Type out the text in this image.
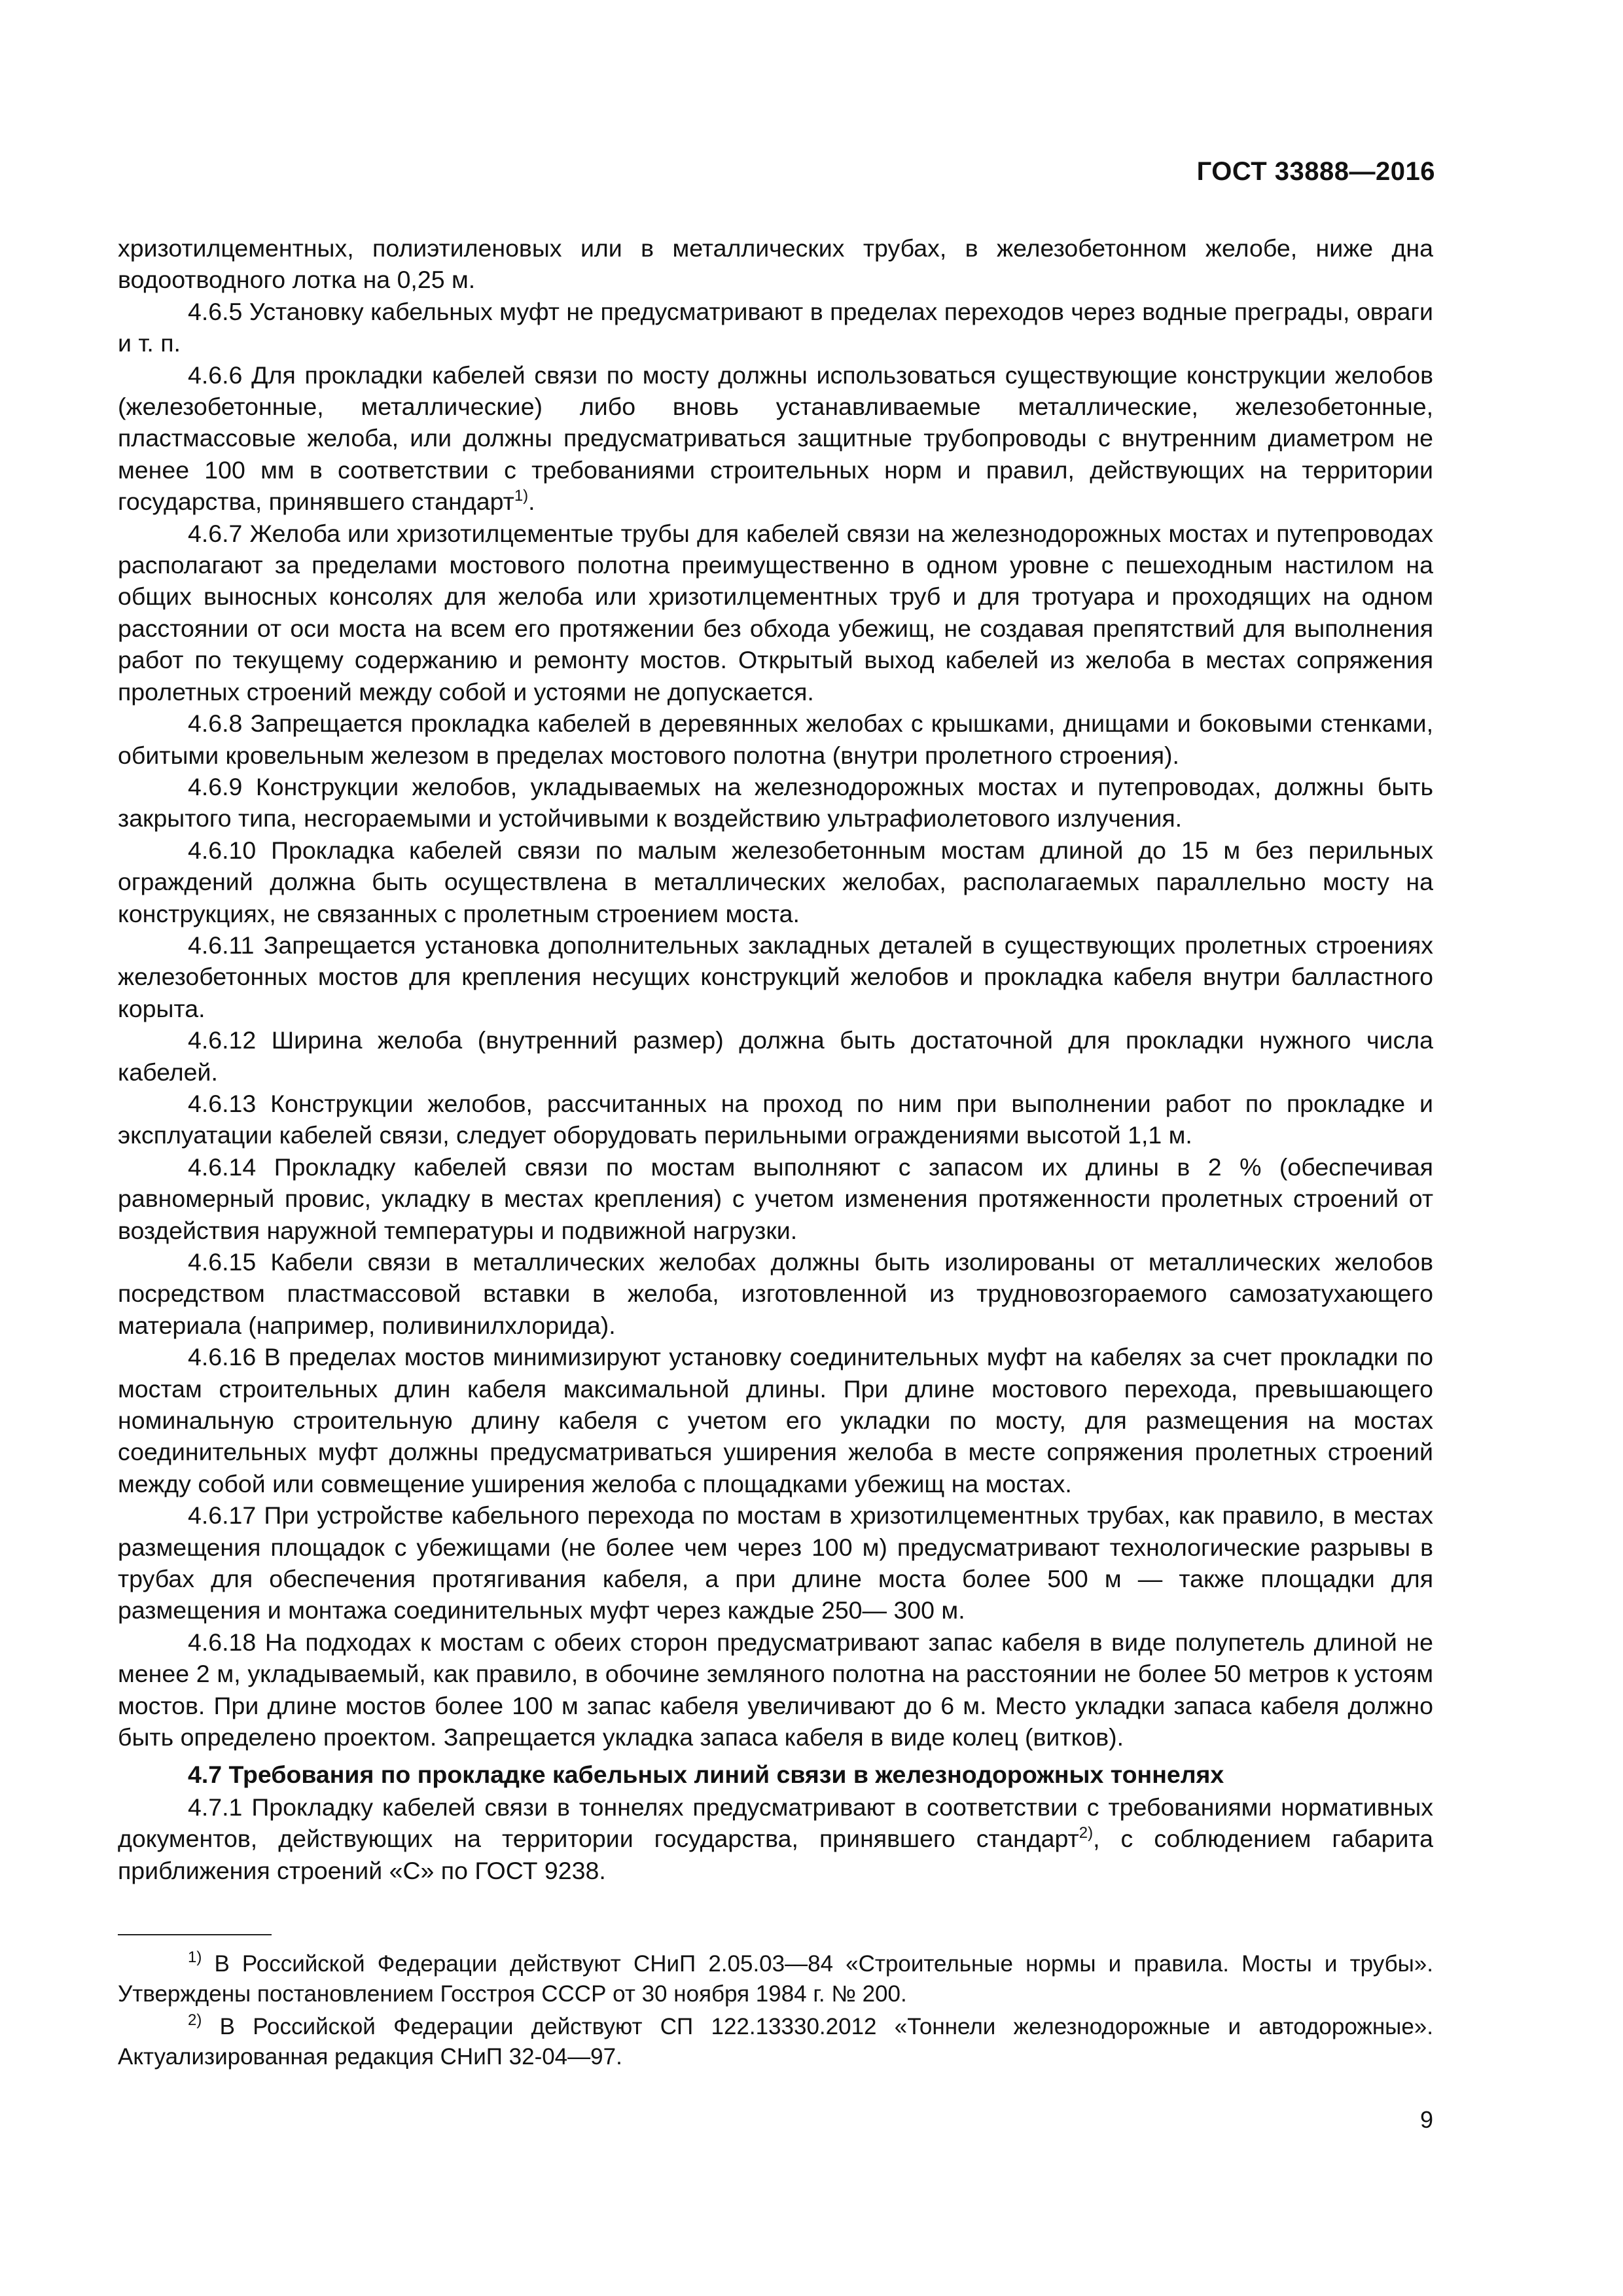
ГОСТ 33888—2016

хризотилцементных, полиэтиленовых или в металлических трубах, в железобетонном желобе, ниже дна водоотводного лотка на 0,25 м.

4.6.5 Установку кабельных муфт не предусматривают в пределах переходов через водные преграды, овраги и т. п.

4.6.6 Для прокладки кабелей связи по мосту должны использоваться существующие конструкции желобов (железобетонные, металлические) либо вновь устанавливаемые металлические, железобетонные, пластмассовые желоба, или должны предусматриваться защитные трубопроводы с внутренним диаметром не менее 100 мм в соответствии с требованиями строительных норм и правил, действующих на территории государства, принявшего стандарт$^{1)}$.

4.6.7 Желоба или хризотилцементые трубы для кабелей связи на железнодорожных мостах и путепроводах располагают за пределами мостового полотна преимущественно в одном уровне с пешеходным настилом на общих выносных консолях для желоба или хризотилцементных труб и для тротуара и проходящих на одном расстоянии от оси моста на всем его протяжении без обхода убежищ, не создавая препятствий для выполнения работ по текущему содержанию и ремонту мостов. Открытый выход кабелей из желоба в местах сопряжения пролетных строений между собой и устоями не допускается.

4.6.8 Запрещается прокладка кабелей в деревянных желобах с крышками, днищами и боковыми стенками, обитыми кровельным железом в пределах мостового полотна (внутри пролетного строения).

4.6.9 Конструкции желобов, укладываемых на железнодорожных мостах и путепроводах, должны быть закрытого типа, несгораемыми и устойчивыми к воздействию ультрафиолетового излучения.

4.6.10 Прокладка кабелей связи по малым железобетонным мостам длиной до 15 м без перильных ограждений должна быть осуществлена в металлических желобах, располагаемых параллельно мосту на конструкциях, не связанных с пролетным строением моста.

4.6.11 Запрещается установка дополнительных закладных деталей в существующих пролетных строениях железобетонных мостов для крепления несущих конструкций желобов и прокладка кабеля внутри балластного корыта.

4.6.12 Ширина желоба (внутренний размер) должна быть достаточной для прокладки нужного числа кабелей.

4.6.13 Конструкции желобов, рассчитанных на проход по ним при выполнении работ по прокладке и эксплуатации кабелей связи, следует оборудовать перильными ограждениями высотой 1,1 м.

4.6.14 Прокладку кабелей связи по мостам выполняют с запасом их длины в 2 % (обеспечивая равномерный провис, укладку в местах крепления) с учетом изменения протяженности пролетных строений от воздействия наружной температуры и подвижной нагрузки.

4.6.15 Кабели связи в металлических желобах должны быть изолированы от металлических желобов посредством пластмассовой вставки в желоба, изготовленной из трудновозгораемого самозатухающего материала (например, поливинилхлорида).

4.6.16 В пределах мостов минимизируют установку соединительных муфт на кабелях за счет прокладки по мостам строительных длин кабеля максимальной длины. При длине мостового перехода, превышающего номинальную строительную длину кабеля с учетом его укладки по мосту, для размещения на мостах соединительных муфт должны предусматриваться уширения желоба в месте сопряжения пролетных строений между собой или совмещение уширения желоба с площадками убежищ на мостах.

4.6.17 При устройстве кабельного перехода по мостам в хризотилцементных трубах, как правило, в местах размещения площадок с убежищами (не более чем через 100 м) предусматривают технологические разрывы в трубах для обеспечения протягивания кабеля, а при длине моста более 500 м — также площадки для размещения и монтажа соединительных муфт через каждые 250— 300 м.

4.6.18 На подходах к мостам с обеих сторон предусматривают запас кабеля в виде полупетель длиной не менее 2 м, укладываемый, как правило, в обочине земляного полотна на расстоянии не более 50 метров к устоям мостов. При длине мостов более 100 м запас кабеля увеличивают до 6 м. Место укладки запаса кабеля должно быть определено проектом. Запрещается укладка запаса кабеля в виде колец (витков).

4.7 Требования по прокладке кабельных линий связи в железнодорожных тоннелях

4.7.1 Прокладку кабелей связи в тоннелях предусматривают в соответствии с требованиями нормативных документов, действующих на территории государства, принявшего стандарт$^{2)}$, с соблюдением габарита приближения строений «С» по ГОСТ 9238.

$^{1)}$ В Российской Федерации действуют СНиП 2.05.03—84 «Строительные нормы и правила. Мосты и трубы». Утверждены постановлением Госстроя СССР от 30 ноября 1984 г. № 200.

$^{2)}$ В Российской Федерации действуют СП 122.13330.2012 «Тоннели железнодорожные и автодорожные». Актуализированная редакция СНиП 32-04—97.

9
